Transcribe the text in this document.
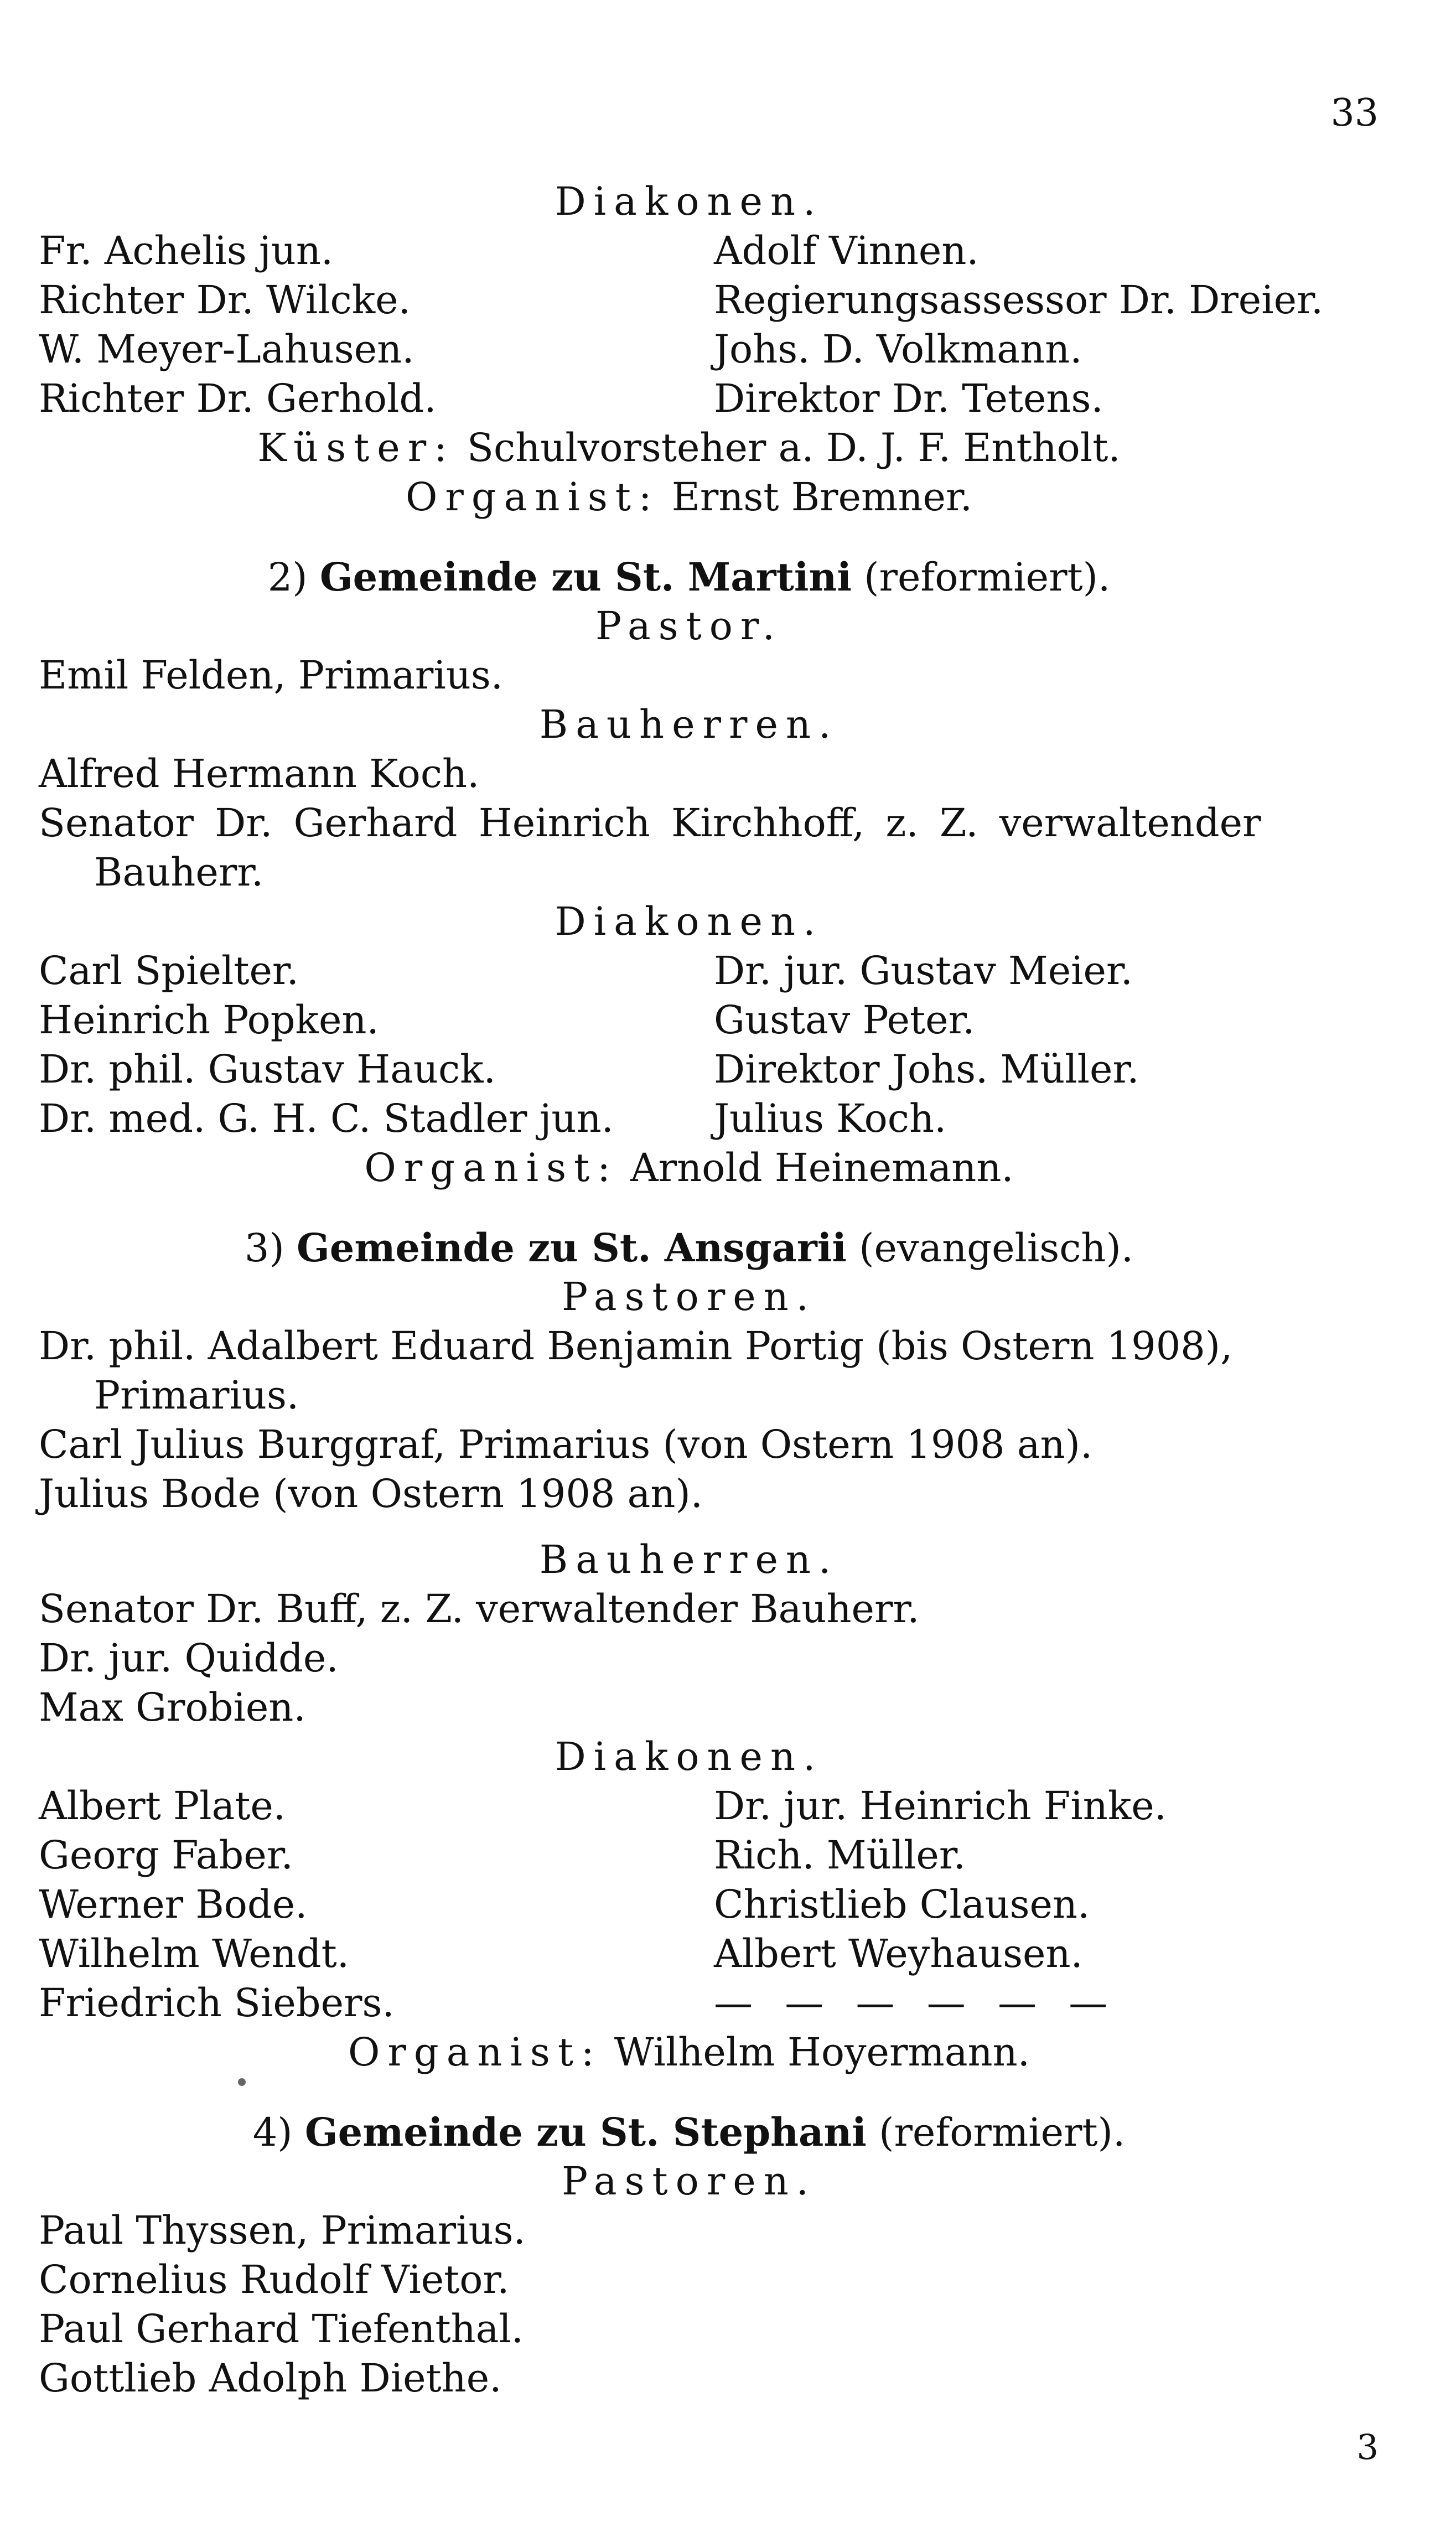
33
Diakonen.
Fr. Achelis jun.	Adolf Vinnen.
Richter Dr. Wilcke.	Regierungsassessor Dr. Dreier.
W. Meyer-Lahusen.	Johs. D. Volkmann.
Richter Dr. Gerhold.	Direktor Dr. Tetens.
Küster: Schulvorsteher a. D. J. F. Entholt.
Organist: Ernst Bremner.
2) Gemeinde zu St. Martini (reformiert).
Pastor.
Emil Felden, Primarius.
Bauherren.
Alfred Hermann Koch.
Senator Dr. Gerhard Heinrich Kirchhoff, z. Z. verwaltender
Bauherr.
Diakonen.
Carl Spielter.	Dr. jur. Gustav Meier.
Heinrich Popken.	Gustav Peter.
Dr. phil. Gustav Hauck.	Direktor Johs. Müller.
Dr. med. G. H. C. Stadler jun.	Julius Koch.
Organist: Arnold Heinemann.
3) Gemeinde zu St. Ansgarii (evangelisch).
Pastoren.
Dr. phil. Adalbert Eduard Benjamin Portig (bis Ostern 1908),
Primarius.
Carl Julius Burggraf, Primarius (von Ostern 1908 an).
Julius Bode (von Ostern 1908 an).
Bauherren.
Senator Dr. Buff, z. Z. verwaltender Bauherr.
Dr. jur. Quidde.
Max Grobien.
Diakonen.
Albert Plate.	Dr. jur. Heinrich Finke.
Georg Faber.	Rich. Müller.
Werner Bode.	Christlieb Clausen.
Wilhelm Wendt.	Albert Weyhausen.
Friedrich Siebers.	— — — — — —
Organist: Wilhelm Hoyermann.
4) Gemeinde zu St. Stephani (reformiert).
Pastoren.
Paul Thyssen, Primarius.
Cornelius Rudolf Vietor.
Paul Gerhard Tiefenthal.
Gottlieb Adolph Diethe.
3
